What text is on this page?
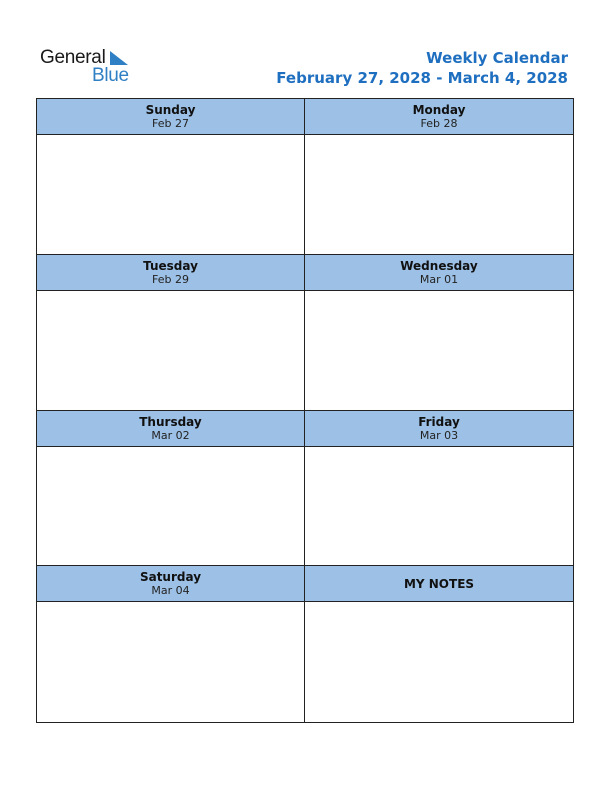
General
Blue
Weekly Calendar
February 27, 2028 - March 4, 2028
Sunday
Feb 27
Monday
Feb 28
Tuesday
Feb 29
Wednesday
Mar 01
Thursday
Mar 02
Friday
Mar 03
Saturday
Mar 04	MY NOTES
